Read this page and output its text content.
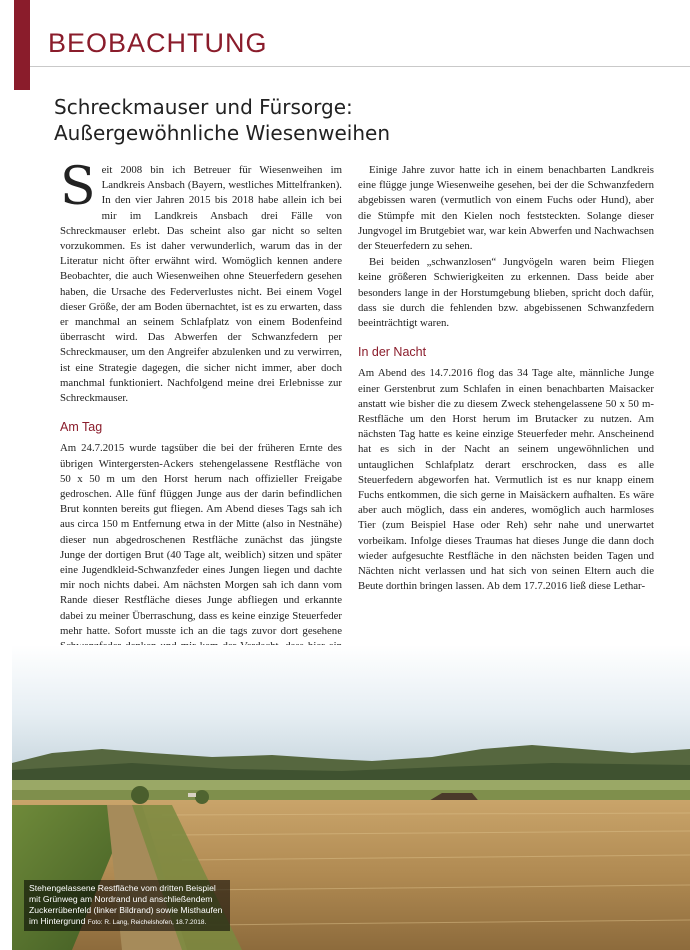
BEOBACHTUNG
Schreckmauser und Fürsorge:
Außergewöhnliche Wiesenweihen

Seit 2008 bin ich Betreuer für Wiesenweihen im Landkreis Ansbach (Bayern, westliches Mittelfranken). In den vier Jahren 2015 bis 2018 habe allein ich bei mir im Landkreis Ansbach drei Fälle von Schreckmauser erlebt. Das scheint also gar nicht so selten vorzukommen. Es ist daher verwunderlich, warum das in der Literatur nicht öfter erwähnt wird. Womöglich kennen andere Beobachter, die auch Wiesenweihen ohne Steuerfedern gesehen haben, die Ursache des Federverlustes nicht. Bei einem Vogel dieser Größe, der am Boden übernachtet, ist es zu erwarten, dass er manchmal an seinem Schlafplatz von einem Bodenfeind überrascht wird. Das Abwerfen der Schwanzfedern per Schreckmauser, um den Angreifer abzulenken und zu verwirren, ist eine Strategie dagegen, die sicher nicht immer, aber doch manchmal funktioniert. Nachfolgend meine drei Erlebnisse zur Schreckmauser.

Am Tag

Am 24.7.2015 wurde tagsüber die bei der früheren Ernte des übrigen Wintergersten-Ackers stehengelassene Restfläche von 50 x 50 m um den Horst herum nach offizieller Freigabe gedroschen. Alle fünf flüggen Junge aus der darin befindlichen Brut konnten bereits gut fliegen. Am Abend dieses Tags sah ich aus circa 150 m Entfernung etwa in der Mitte (also in Nestnähe) dieser nun abgedroschenen Restfläche zunächst das jüngste Junge der dortigen Brut (40 Tage alt, weiblich) sitzen und später eine Jugendkleid-Schwanzfeder eines Jungen liegen und dachte mir noch nichts dabei. Am nächsten Morgen sah ich dann vom Rande dieser Restfläche dieses Junge abfliegen und erkannte dabei zu meiner Überraschung, dass es keine einzige Steuerfeder mehr hatte. Sofort musste ich an die tags zuvor dort gesehene

Einige Jahre zuvor hatte ich in einem benachbarten Landkreis eine flügge junge Wiesenweihe gesehen, bei der die Schwanzfedern abgebissen waren (vermutlich von einem Fuchs oder Hund), aber die Stümpfe mit den Kielen noch feststeckten. Solange dieser Jungvogel im Brutgebiet war, war kein Abwerfen und Nachwachsen der Steuerfedern zu sehen.

Bei beiden „schwanzlosen“ Jungvögeln waren beim Fliegen keine größeren Schwierigkeiten zu erkennen. Dass beide aber besonders lange in der Horstumgebung blieben, spricht doch dafür, dass sie durch die fehlenden bzw. abgebissenen Schwanzfedern beeinträchtigt waren.

In der Nacht

Am Abend des 14.7.2016 flog das 34 Tage alte, männliche Junge einer Gerstenbrut zum Schlafen in einen benachbarten Maisacker anstatt wie bisher die zu diesem Zweck stehengelassene 50 x 50 m-Restfläche um den Horst herum im Brutacker zu nutzen. Am nächsten Tag hatte es keine einzige Steuerfeder mehr. Anscheinend hat es sich in der Nacht an seinem ungewöhnlichen und untauglichen Schlafplatz derart erschrocken, dass es alle Steuerfedern abgeworfen hat. Vermutlich ist es nur knapp einem Fuchs entkommen, die sich gerne in Maisäckern aufhalten. Es wäre aber auch möglich, dass ein anderes, womöglich auch harmloses Tier (zum Beispiel Hase oder Reh) sehr nahe und unerwartet vorbeikam. Infolge dieses Traumas hat dieses Junge die dann doch wieder aufgesuchte Restfläche in den nächsten beiden Tagen und Nächten nicht verlassen und hat sich von seinen Eltern auch die Beute dorthin bringen lassen. Ab dem 17.7.2016 ließ diese Lethar-

Stehengelassene Restfläche vom dritten Beispiel mit Grünweg am Nordrand und anschließendem Zuckerrübenfeld (linker Bildrand) sowie Misthaufen im Hintergrund Foto: R. Lang, Reichelshofen, 18.7.2018.
